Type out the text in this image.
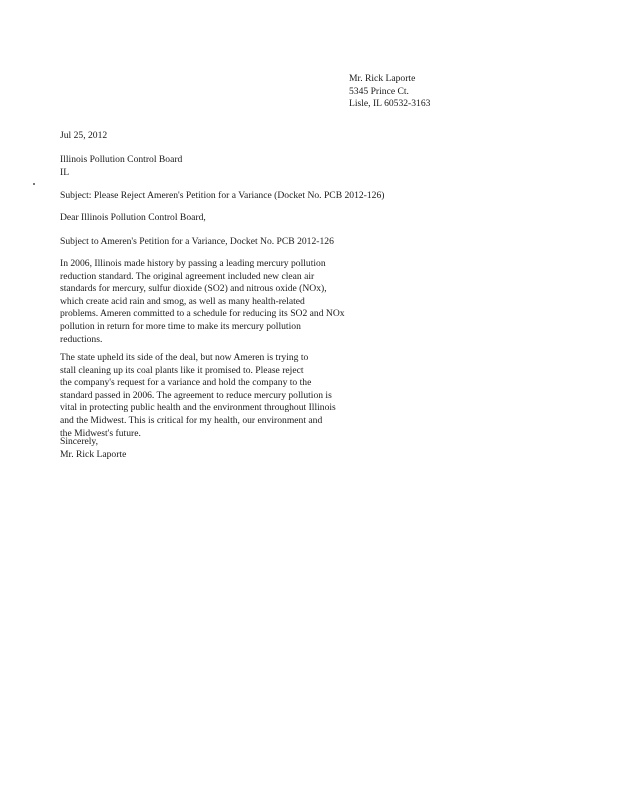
Mr. Rick Laporte
5345 Prince Ct.
Lisle, IL 60532-3163
Jul 25, 2012
Illinois Pollution Control Board
IL
Subject: Please Reject Ameren's Petition for a Variance (Docket No. PCB 2012-126)
Dear Illinois Pollution Control Board,
Subject to Ameren's Petition for a Variance, Docket No. PCB 2012-126
In 2006, Illinois made history by passing a leading mercury pollution
reduction standard. The original agreement included new clean air
standards for mercury, sulfur dioxide (SO2) and nitrous oxide (NOx),
which create acid rain and smog, as well as many health-related
problems. Ameren committed to a schedule for reducing its SO2 and NOx
pollution in return for more time to make its mercury pollution
reductions.
The state upheld its side of the deal, but now Ameren is trying to
stall cleaning up its coal plants like it promised to. Please reject
the company's request for a variance and hold the company to the
standard passed in 2006. The agreement to reduce mercury pollution is
vital in protecting public health and the environment throughout Illinois
and the Midwest. This is critical for my health, our environment and
the Midwest's future.
Sincerely,
Mr. Rick Laporte
